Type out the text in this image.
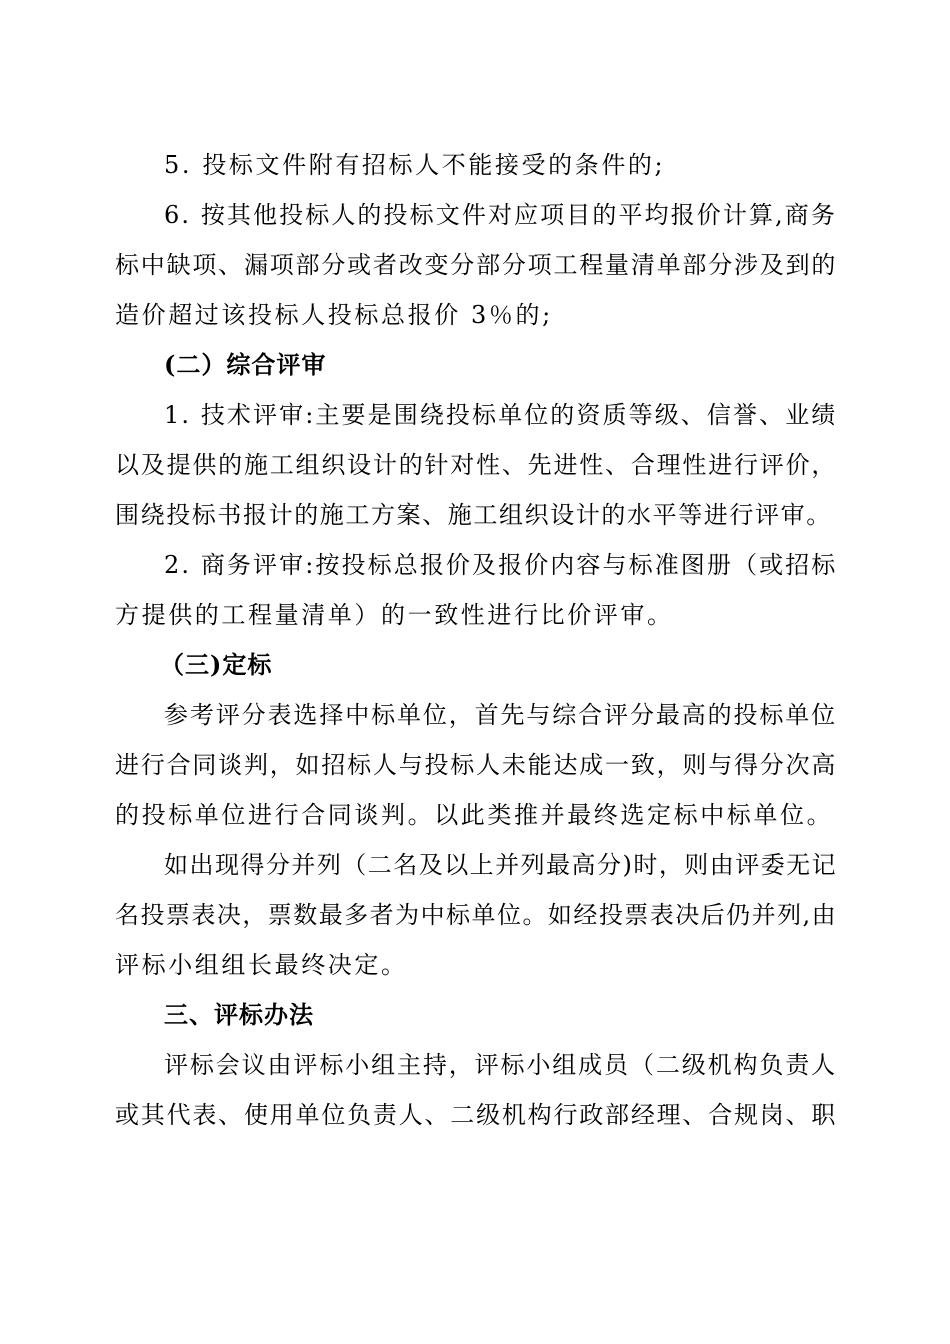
5. 投标文件附有招标人不能接受的条件的;
6. 按其他投标人的投标文件对应项目的平均报价计算,商务
标中缺项、漏项部分或者改变分部分项工程量清单部分涉及到的
造价超过该投标人投标总报价 3％的;
(二）综合评审
1. 技术评审:主要是围绕投标单位的资质等级、信誉、业绩
以及提供的施工组织设计的针对性、先进性、合理性进行评价，
围绕投标书报计的施工方案、施工组织设计的水平等进行评审。
2. 商务评审:按投标总报价及报价内容与标准图册（或招标
方提供的工程量清单）的一致性进行比价评审。
（三)定标
参考评分表选择中标单位，首先与综合评分最高的投标单位
进行合同谈判，如招标人与投标人未能达成一致，则与得分次高
的投标单位进行合同谈判。以此类推并最终选定标中标单位。
如出现得分并列（二名及以上并列最高分)时，则由评委无记
名投票表决，票数最多者为中标单位。如经投票表决后仍并列,由
评标小组组长最终决定。
三、评标办法
评标会议由评标小组主持，评标小组成员（二级机构负责人
或其代表、使用单位负责人、二级机构行政部经理、合规岗、职
